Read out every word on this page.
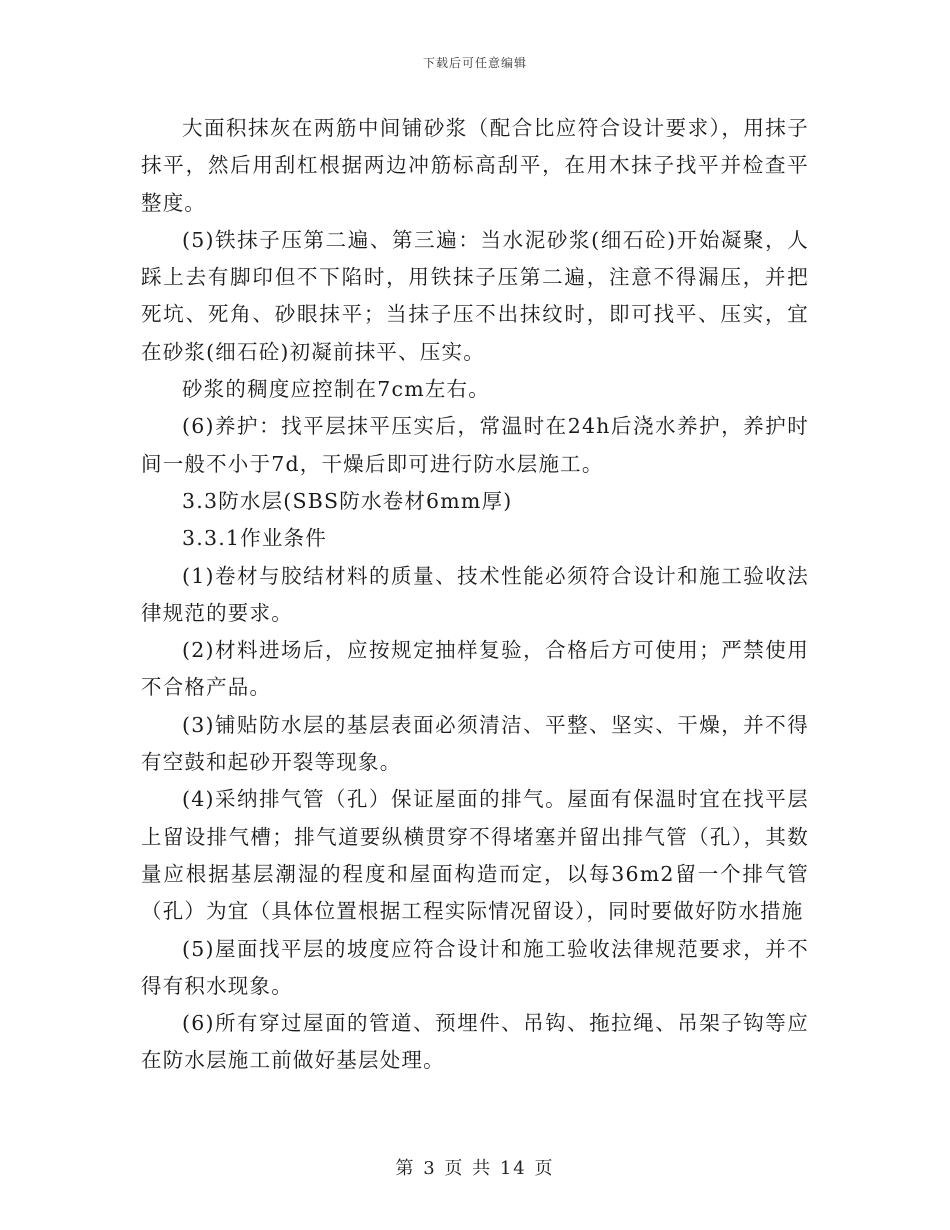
下载后可任意编辑

大面积抹灰在两筋中间铺砂浆（配合比应符合设计要求），用抹子抹平，然后用刮杠根据两边冲筋标高刮平，在用木抹子找平并检查平整度。

(5)铁抹子压第二遍、第三遍：当水泥砂浆(细石砼)开始凝聚，人踩上去有脚印但不下陷时，用铁抹子压第二遍，注意不得漏压，并把死坑、死角、砂眼抹平；当抹子压不出抹纹时，即可找平、压实，宜在砂浆(细石砼)初凝前抹平、压实。

砂浆的稠度应控制在7cm左右。

(6)养护：找平层抹平压实后，常温时在24h后浇水养护，养护时间一般不小于7d，干燥后即可进行防水层施工。

3.3防水层(SBS防水卷材6mm厚)

3.3.1作业条件

(1)卷材与胶结材料的质量、技术性能必须符合设计和施工验收法律规范的要求。

(2)材料进场后，应按规定抽样复验，合格后方可使用；严禁使用不合格产品。

(3)铺贴防水层的基层表面必须清洁、平整、坚实、干燥，并不得有空鼓和起砂开裂等现象。

(4)采纳排气管（孔）保证屋面的排气。屋面有保温时宜在找平层上留设排气槽；排气道要纵横贯穿不得堵塞并留出排气管（孔），其数量应根据基层潮湿的程度和屋面构造而定，以每36m2留一个排气管（孔）为宜（具体位置根据工程实际情况留设），同时要做好防水措施

(5)屋面找平层的坡度应符合设计和施工验收法律规范要求，并不得有积水现象。

(6)所有穿过屋面的管道、预埋件、吊钩、拖拉绳、吊架子钩等应在防水层施工前做好基层处理。

第 3 页 共 14 页
